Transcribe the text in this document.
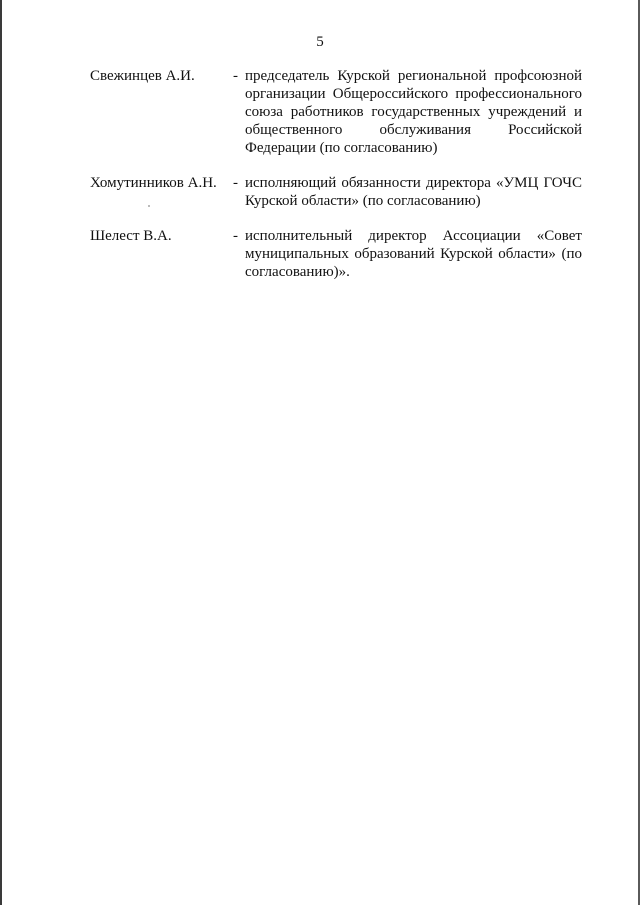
5
Свежинцев А.И.	- председатель Курской региональной профсоюзной организации Общероссийского профессионального союза работников государственных учреждений и общественного обслуживания Российской Федерации (по согласованию)
Хомутинников А.Н.	- исполняющий обязанности директора «УМЦ ГОЧС Курской области» (по согласованию)
Шелест В.А.	- исполнительный директор Ассоциации «Совет муниципальных образований Курской области» (по согласованию)».
